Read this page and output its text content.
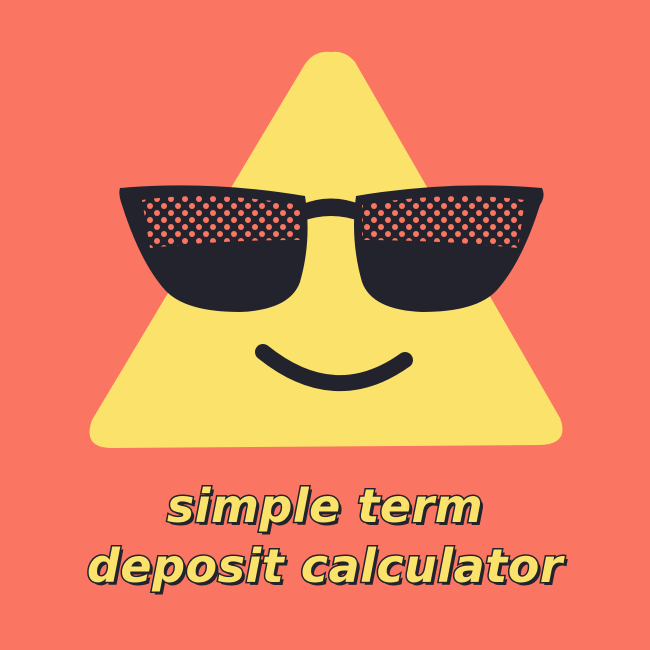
simple term
deposit calculator
